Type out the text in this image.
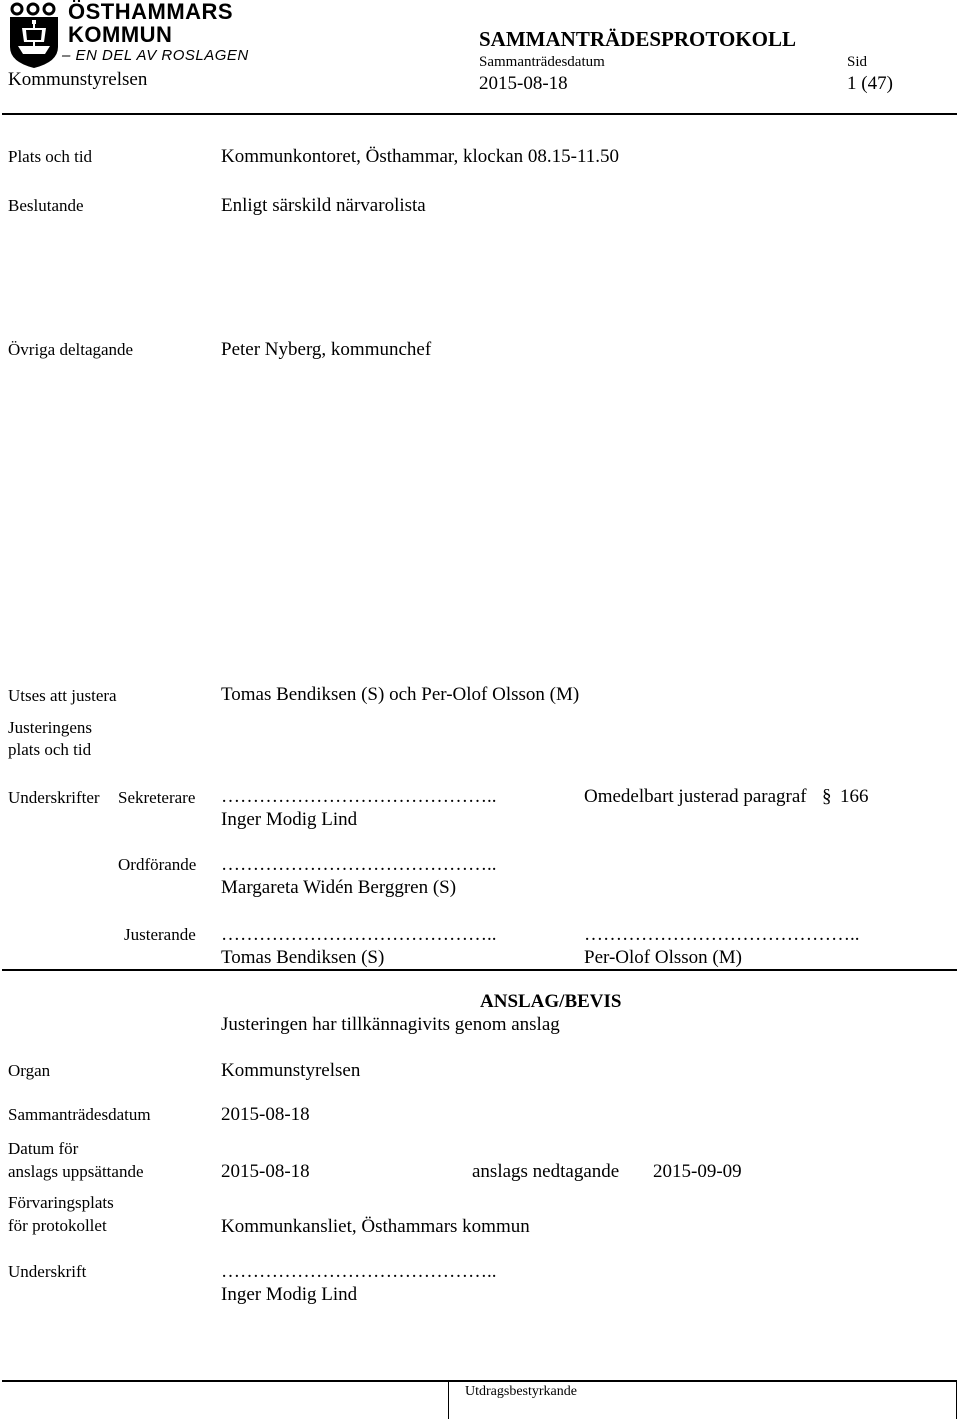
ÖSTHAMMARS
KOMMUN
– EN DEL AV ROSLAGEN
Kommunstyrelsen
SAMMANTRÄDESPROTOKOLL
Sammanträdesdatum
2015-08-18
Sid
1 (47)
Plats och tid	Kommunkontoret, Östhammar, klockan 08.15-11.50
Beslutande	Enligt särskild närvarolista
Övriga deltagande	Peter Nyberg, kommunchef
Utses att justera	Tomas Bendiksen (S) och Per-Olof Olsson (M)
Justeringens
plats och tid
Underskrifter Sekreterare ……………………………………..	Omedelbart justerad paragraf § 166
Inger Modig Lind
Ordförande ……………………………………..
Margareta Widén Berggren (S)
Justerande ……………………………………..
Tomas Bendiksen (S)
……………………………………..
Per-Olof Olsson (M)
ANSLAG/BEVIS
Justeringen har tillkännagivits genom anslag
Organ	Kommunstyrelsen
Sammanträdesdatum	2015-08-18
Datum för
anslags uppsättande	2015-08-18	anslags nedtagande 2015-09-09
Förvaringsplats
för protokollet	Kommunkansliet, Östhammars kommun
Underskrift	……………………………………..
Inger Modig Lind
Utdragsbestyrkande
